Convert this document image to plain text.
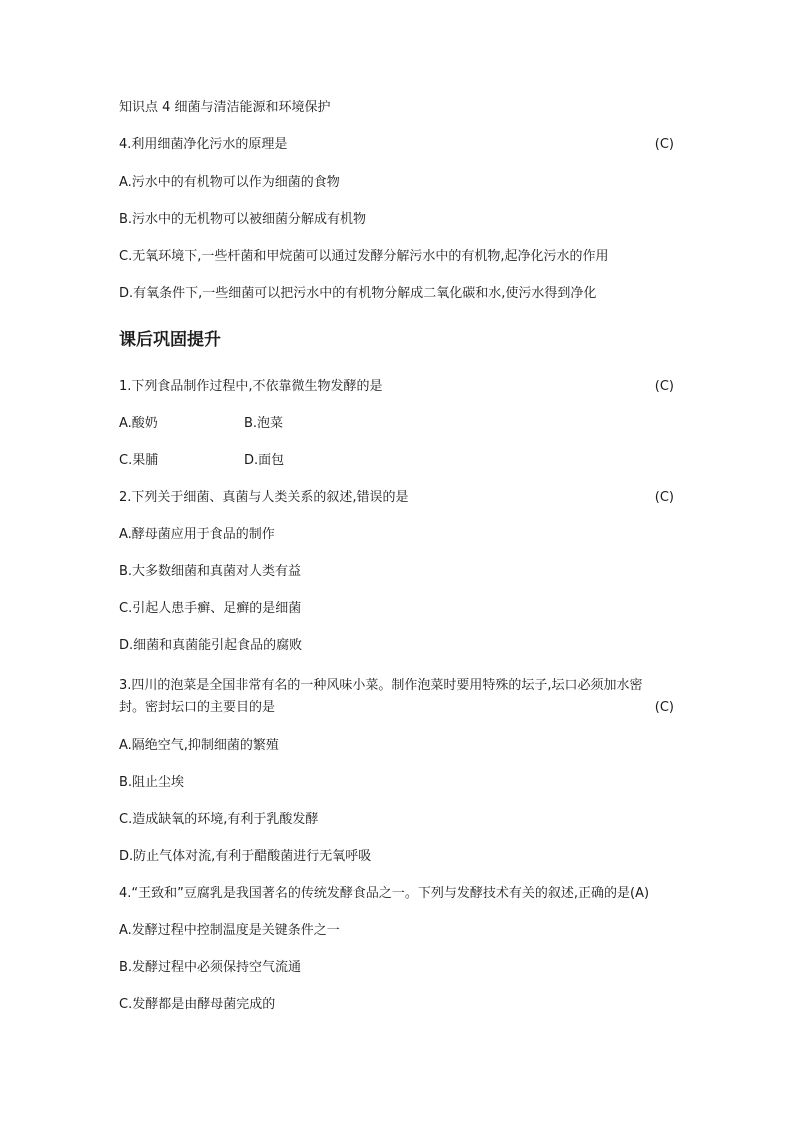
知识点 4 细菌与清洁能源和环境保护
4.利用细菌净化污水的原理是	(C)
A.污水中的有机物可以作为细菌的食物
B.污水中的无机物可以被细菌分解成有机物
C.无氧环境下,一些杆菌和甲烷菌可以通过发酵分解污水中的有机物,起净化污水的作用
D.有氧条件下,一些细菌可以把污水中的有机物分解成二氧化碳和水,使污水得到净化
课后巩固提升
1.下列食品制作过程中,不依靠微生物发酵的是	(C)
A.酸奶	B.泡菜
C.果脯	D.面包
2.下列关于细菌、真菌与人类关系的叙述,错误的是	(C)
A.酵母菌应用于食品的制作
B.大多数细菌和真菌对人类有益
C.引起人患手癣、足癣的是细菌
D.细菌和真菌能引起食品的腐败
3.四川的泡菜是全国非常有名的一种风味小菜。制作泡菜时要用特殊的坛子,坛口必须加水密
封。密封坛口的主要目的是	(C)
A.隔绝空气,抑制细菌的繁殖
B.阻止尘埃
C.造成缺氧的环境,有利于乳酸发酵
D.防止气体对流,有利于醋酸菌进行无氧呼吸
4.“王致和”豆腐乳是我国著名的传统发酵食品之一。下列与发酵技术有关的叙述,正确的是(A)
A.发酵过程中控制温度是关键条件之一
B.发酵过程中必须保持空气流通
C.发酵都是由酵母菌完成的
